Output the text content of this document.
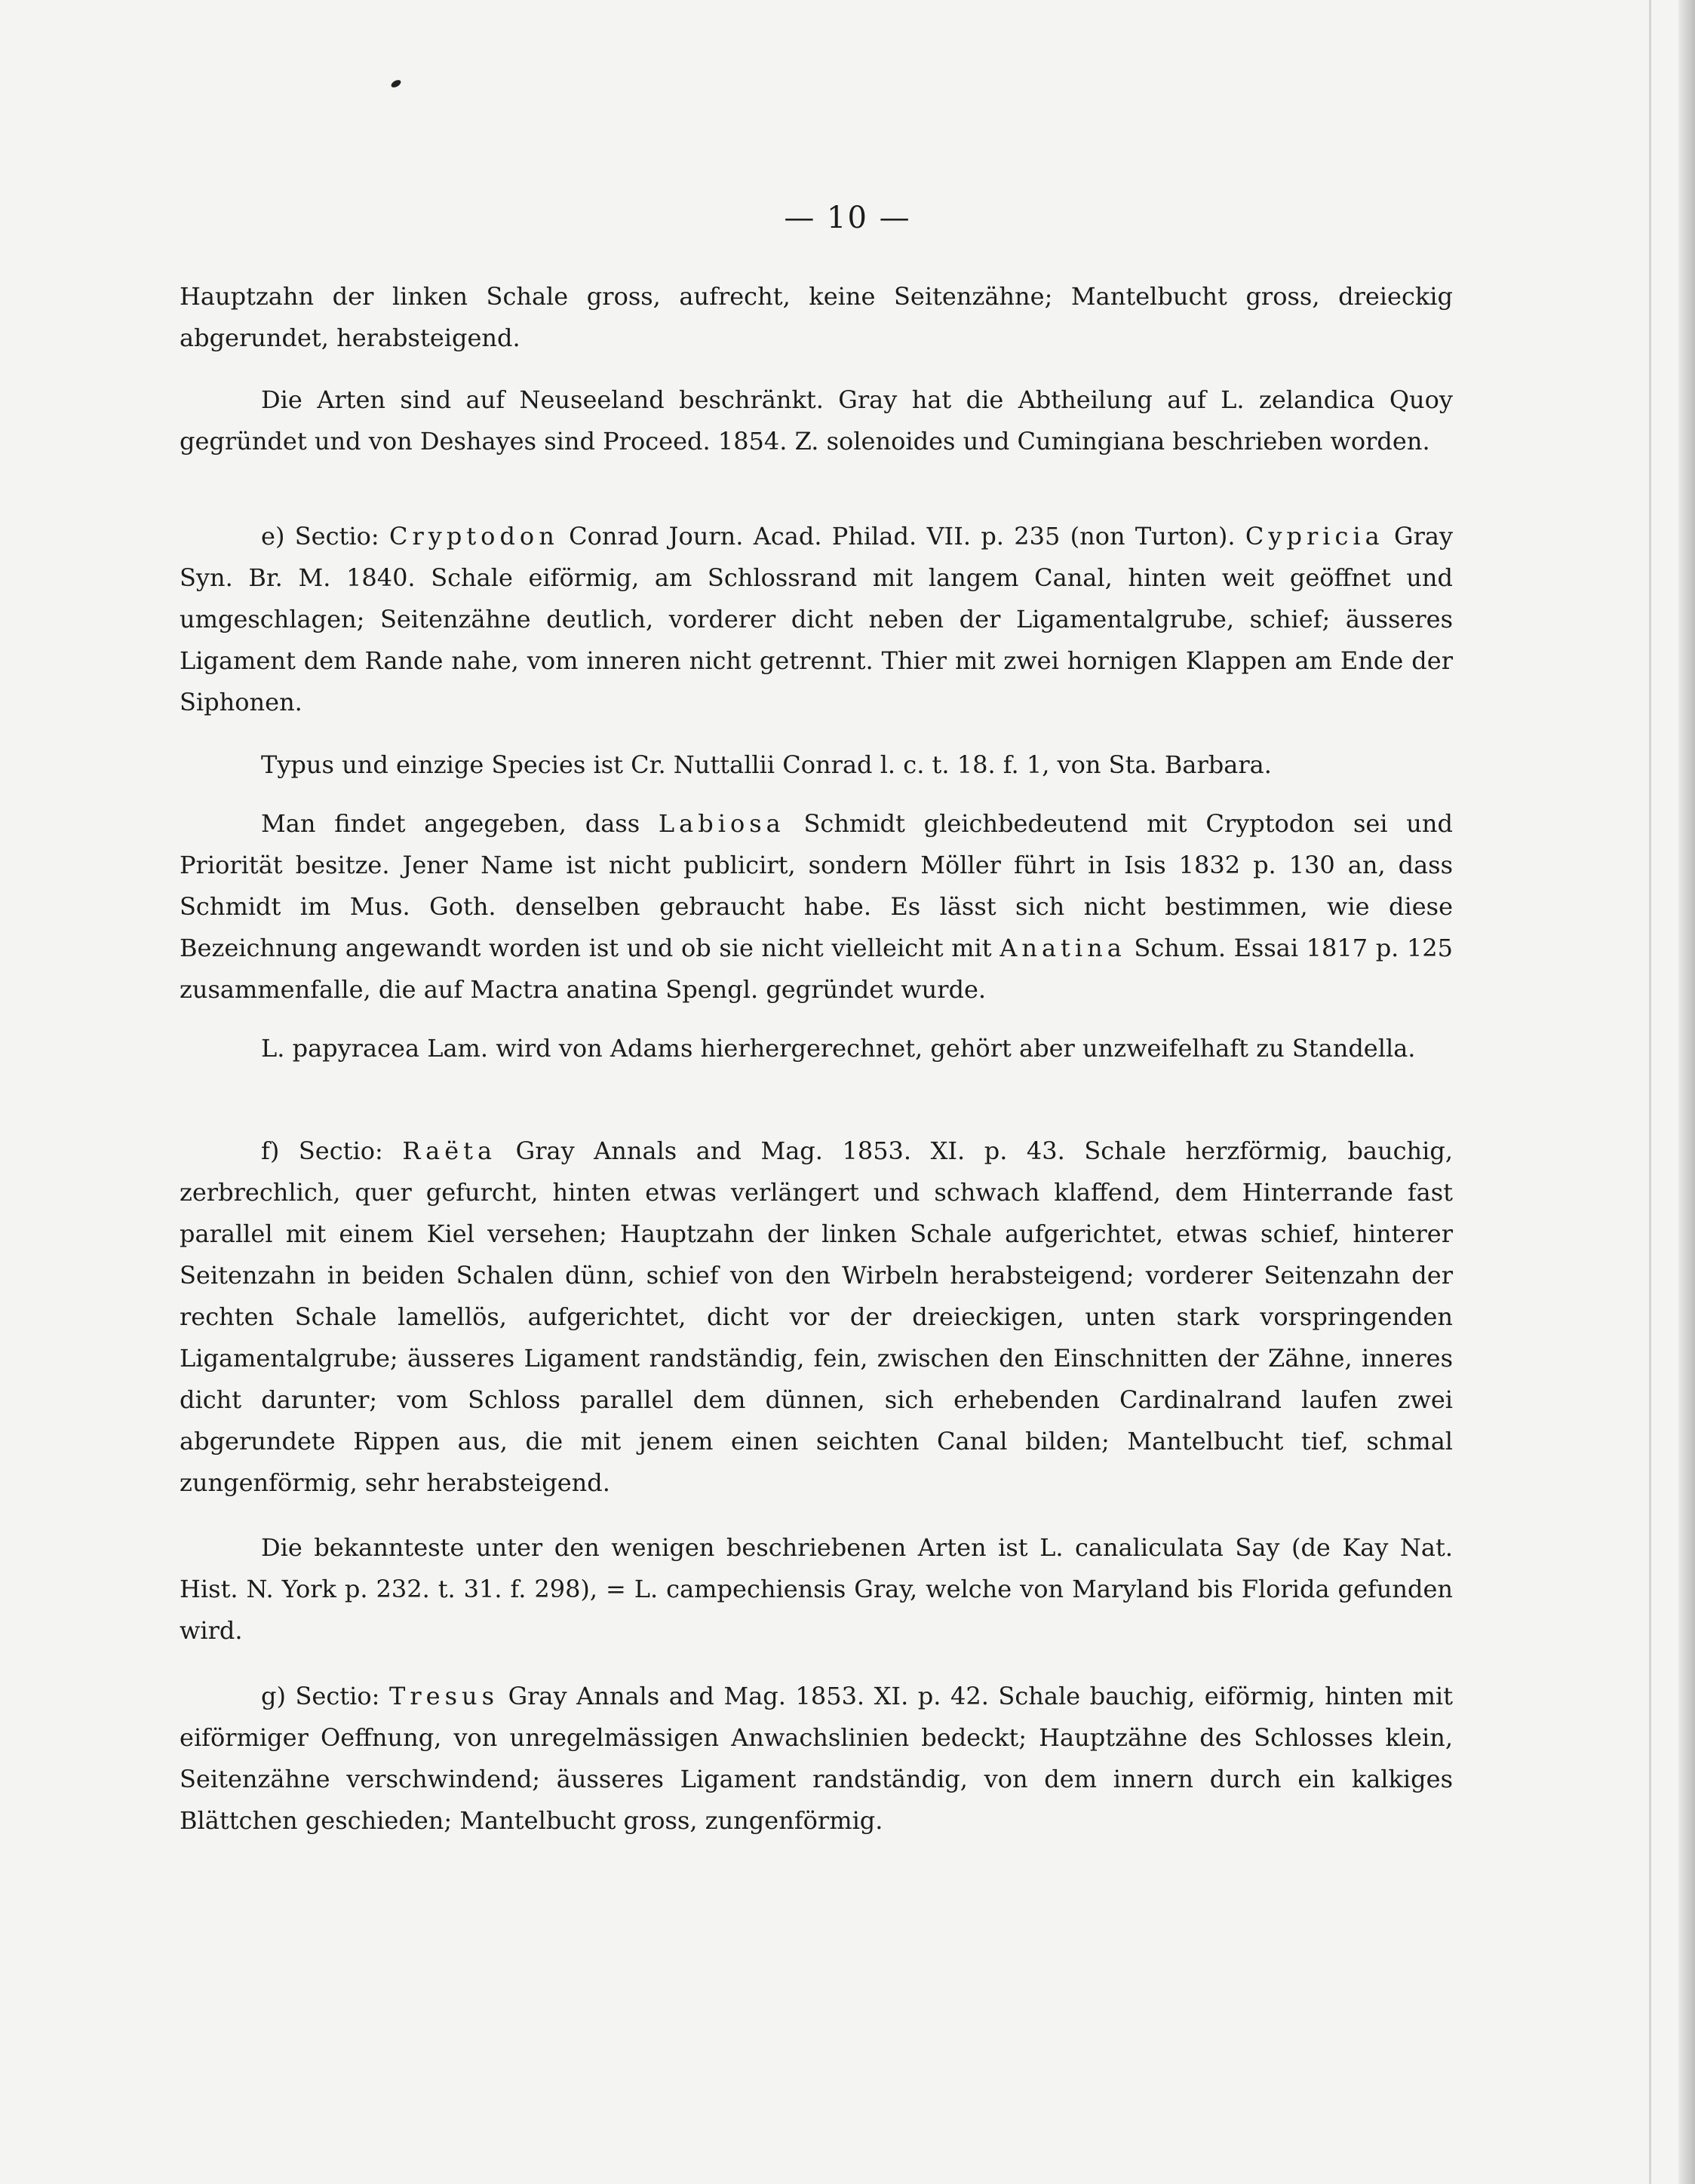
— 10 —

Hauptzahn der linken Schale gross, aufrecht, keine Seitenzähne; Mantelbucht gross, dreieckig abgerundet, herabsteigend.

Die Arten sind auf Neuseeland beschränkt. Gray hat die Abtheilung auf L. zelandica Quoy gegründet und von Deshayes sind Proceed. 1854. Z. solenoides und Cumingiana beschrieben worden.

e) Sectio: Cryptodon Conrad Journ. Acad. Philad. VII. p. 235 (non Turton). Cypricia Gray Syn. Br. M. 1840. Schale eiförmig, am Schlossrand mit langem Canal, hinten weit geöffnet und umgeschlagen; Seitenzähne deutlich, vorderer dicht neben der Ligamentalgrube, schief; äusseres Ligament dem Rande nahe, vom inneren nicht getrennt. Thier mit zwei hornigen Klappen am Ende der Siphonen.

Typus und einzige Species ist Cr. Nuttallii Conrad l. c. t. 18. f. 1, von Sta. Barbara.

Man findet angegeben, dass Labiosa Schmidt gleichbedeutend mit Cryptodon sei und Priorität besitze. Jener Name ist nicht publicirt, sondern Möller führt in Isis 1832 p. 130 an, dass Schmidt im Mus. Goth. denselben gebraucht habe. Es lässt sich nicht bestimmen, wie diese Bezeichnung angewandt worden ist und ob sie nicht vielleicht mit Anatina Schum. Essai 1817 p. 125 zusammenfalle, die auf Mactra anatina Spengl. gegründet wurde.

L. papyracea Lam. wird von Adams hierhergerechnet, gehört aber unzweifelhaft zu Standella.

f) Sectio: Raëta Gray Annals and Mag. 1853. XI. p. 43. Schale herzförmig, bauchig, zerbrechlich, quer gefurcht, hinten etwas verlängert und schwach klaffend, dem Hinterrande fast parallel mit einem Kiel versehen; Hauptzahn der linken Schale aufgerichtet, etwas schief, hinterer Seitenzahn in beiden Schalen dünn, schief von den Wirbeln herabsteigend; vorderer Seitenzahn der rechten Schale lamellös, aufgerichtet, dicht vor der dreieckigen, unten stark vorspringenden Ligamentalgrube; äusseres Ligament randständig, fein, zwischen den Einschnitten der Zähne, inneres dicht darunter; vom Schloss parallel dem dünnen, sich erhebenden Cardinalrand laufen zwei abgerundete Rippen aus, die mit jenem einen seichten Canal bilden; Mantelbucht tief, schmal zungenförmig, sehr herabsteigend.

Die bekannteste unter den wenigen beschriebenen Arten ist L. canaliculata Say (de Kay Nat. Hist. N. York p. 232. t. 31. f. 298), = L. campechiensis Gray, welche von Maryland bis Florida gefunden wird.

g) Sectio: Tresus Gray Annals and Mag. 1853. XI. p. 42. Schale bauchig, eiförmig, hinten mit eiförmiger Oeffnung, von unregelmässigen Anwachslinien bedeckt; Hauptzähne des Schlosses klein, Seitenzähne verschwindend; äusseres Ligament randständig, von dem innern durch ein kalkiges Blättchen geschieden; Mantelbucht gross, zungenförmig.
